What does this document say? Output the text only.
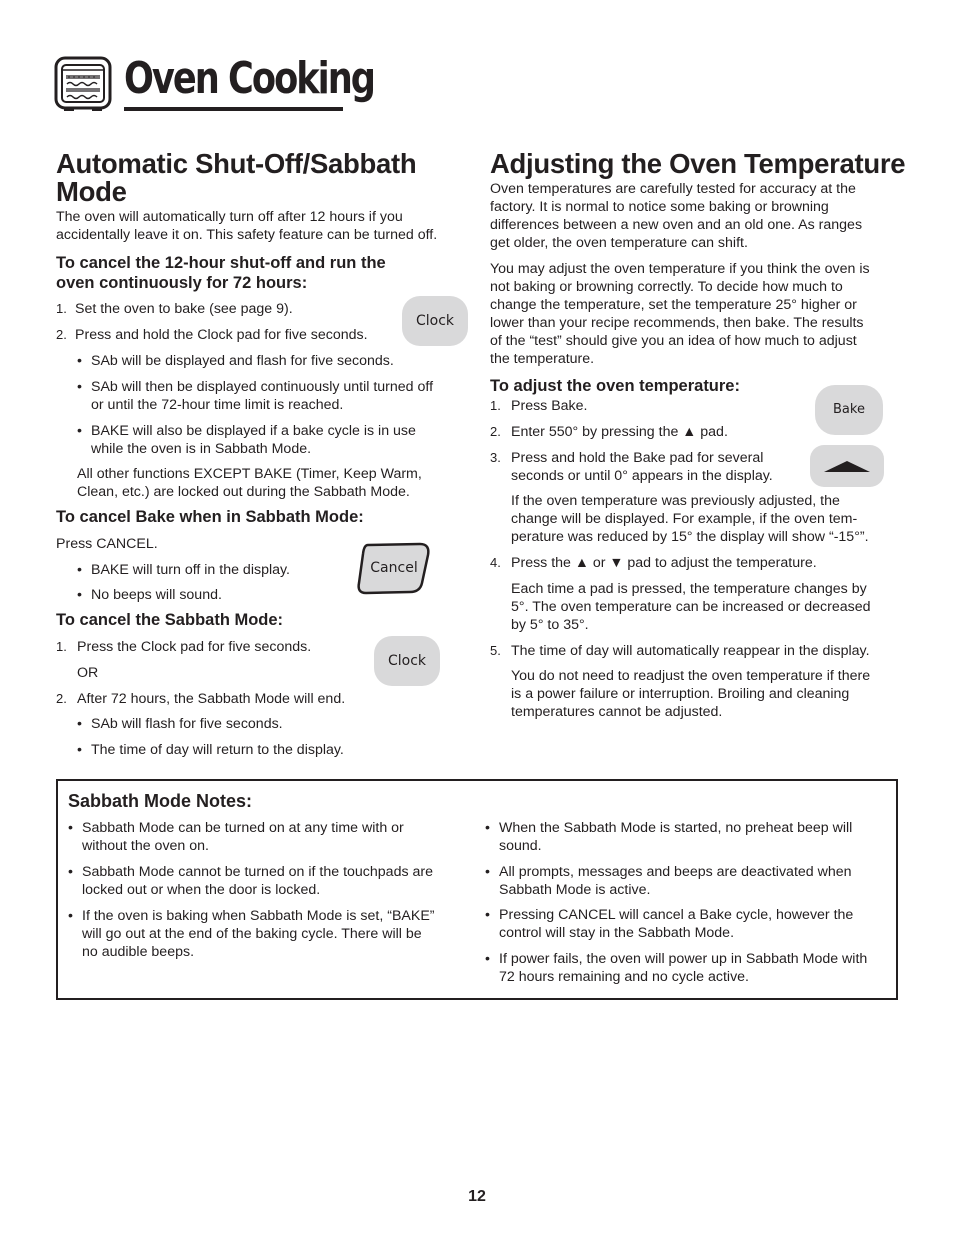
Oven Cooking
Automatic Shut-Off/Sabbath
Mode
The oven will automatically turn off after 12 hours if you
accidentally leave it on. This safety feature can be turned off.
To cancel the 12-hour shut-off and run the
oven continuously for 72 hours:
1. Set the oven to bake (see page 9).
2. Press and hold the Clock pad for five seconds.
• SAb will be displayed and flash for five seconds.
• SAb will then be displayed continuously until turned off
or until the 72-hour time limit is reached.
• BAKE will also be displayed if a bake cycle is in use
while the oven is in Sabbath Mode.
All other functions EXCEPT BAKE (Timer, Keep Warm,
Clean, etc.) are locked out during the Sabbath Mode.
To cancel Bake when in Sabbath Mode:
Press CANCEL.
• BAKE will turn off in the display.
• No beeps will sound.
To cancel the Sabbath Mode:
1. Press the Clock pad for five seconds.
OR
2. After 72 hours, the Sabbath Mode will end.
• SAb will flash for five seconds.
• The time of day will return to the display.
Clock
Cancel
Clock
Adjusting the Oven Temperature
Oven temperatures are carefully tested for accuracy at the
factory. It is normal to notice some baking or browning
differences between a new oven and an old one. As ranges
get older, the oven temperature can shift.
You may adjust the oven temperature if you think the oven is
not baking or browning correctly. To decide how much to
change the temperature, set the temperature 25° higher or
lower than your recipe recommends, then bake. The results
of the “test” should give you an idea of how much to adjust
the temperature.
To adjust the oven temperature:
1. Press Bake.
2. Enter 550° by pressing the ▲ pad.
3. Press and hold the Bake pad for several
seconds or until 0° appears in the display.
If the oven temperature was previously adjusted, the
change will be displayed. For example, if the oven tem-
perature was reduced by 15° the display will show “-15°”.
4. Press the ▲ or ▼ pad to adjust the temperature.
Each time a pad is pressed, the temperature changes by
5°. The oven temperature can be increased or decreased
by 5° to 35°.
5. The time of day will automatically reappear in the display.
You do not need to readjust the oven temperature if there
is a power failure or interruption. Broiling and cleaning
temperatures cannot be adjusted.
Bake
Sabbath Mode Notes:
• Sabbath Mode can be turned on at any time with or
without the oven on.
• Sabbath Mode cannot be turned on if the touchpads are
locked out or when the door is locked.
• If the oven is baking when Sabbath Mode is set, “BAKE”
will go out at the end of the baking cycle. There will be
no audible beeps.
• When the Sabbath Mode is started, no preheat beep will
sound.
• All prompts, messages and beeps are deactivated when
Sabbath Mode is active.
• Pressing CANCEL will cancel a Bake cycle, however the
control will stay in the Sabbath Mode.
• If power fails, the oven will power up in Sabbath Mode with
72 hours remaining and no cycle active.
12
